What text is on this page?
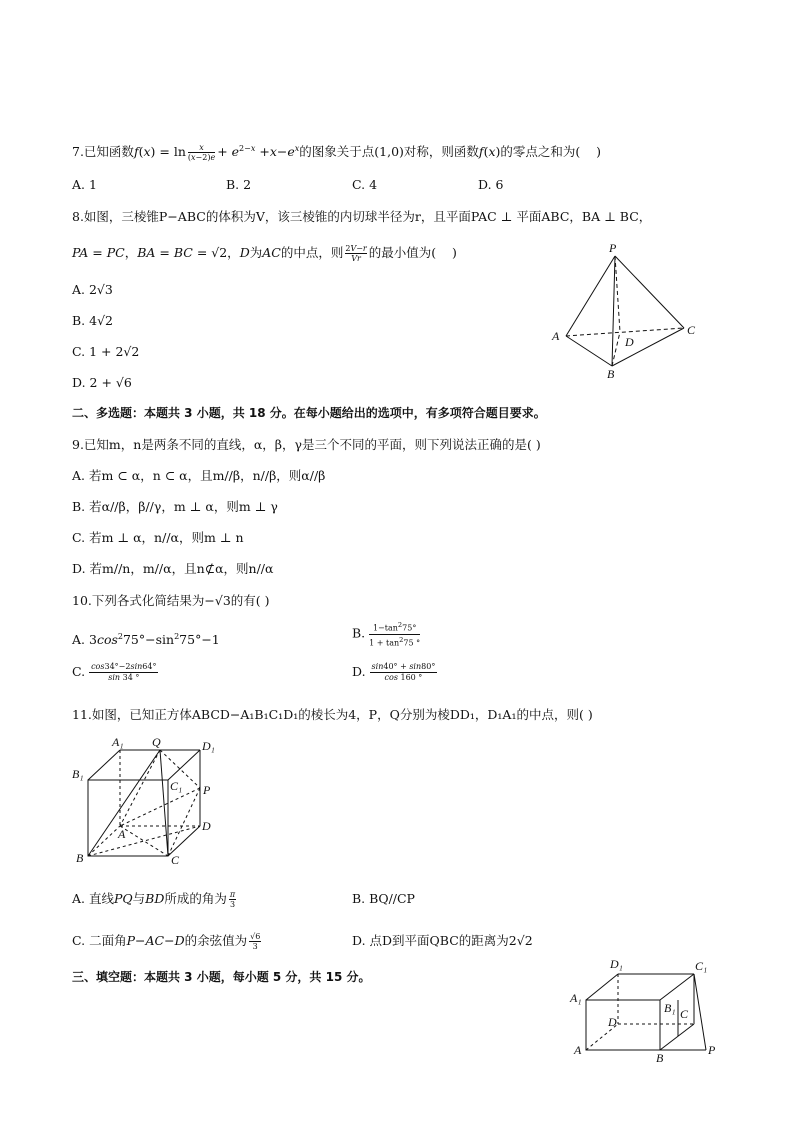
7.已知函数$f(x) = \ln \frac{x}{(x-2)e} + e^{2-x} +x-e^x$的图象关于点(1,0)对称，则函数f(x)的零点之和为(    )
A. 1	B. 2	C. 4	D. 6
8.如图，三棱锥P−ABC的体积为V，该三棱锥的内切球半径为r，且平面PAC ⊥ 平面ABC，BA ⊥ BC，
PA = PC，BA = BC = √2，D为AC的中点，则 $\frac{2V-r}{Vr}$ 的最小值为(    )
A. 2√3
B. 4√2
C. 1 + 2√2
D. 2 + √6
P
A	D
C
B
二、多选题：本题共 3 小题，共 18 分。在每小题给出的选项中，有多项符合题目要求。
9.已知m，n是两条不同的直线，α，β，γ是三个不同的平面，则下列说法正确的是( )
A. 若m ⊂ α，n ⊂ α，且m//β，n//β，则α//β
B. 若α//β，β//γ，m ⊥ α，则m ⊥ γ
C. 若m ⊥ α，n//α，则m ⊥ n
D. 若m//n，m//α，且n⊄α，则n//α
10.下列各式化简结果为−√3的有( )
A. $3\cos^275^\circ-\sin^275^\circ-1$	B. $\frac{1-\tan^275^\circ}{1 + \tan^275 ^\circ}$
C. $\frac{\cos 34^\circ-2\sin 64^\circ}{\sin 34 ^\circ}$	D. $\frac{\sin 40^\circ + \sin 80^\circ}{\cos 160 ^\circ}$
11.如图，已知正方体ABCD−A₁B₁C₁D₁的棱长为4，P，Q分别为棱DD₁，D₁A₁的中点，则( )
A₁ Q	D₁
B₁
C₁ P
A
D
B	C
A. 直线PQ与BD所成的角为 $\frac{\pi}{3}$	B. BQ//CP
C. 二面角P−AC−D的余弦值为 $\frac{√6}{3}$	D. 点D到平面QBC的距离为2√2
三、填空题：本题共 3 小题，每小题 5 分，共 15 分。
D₁	C₁
A₁
B₁ C
D
A
B
P
